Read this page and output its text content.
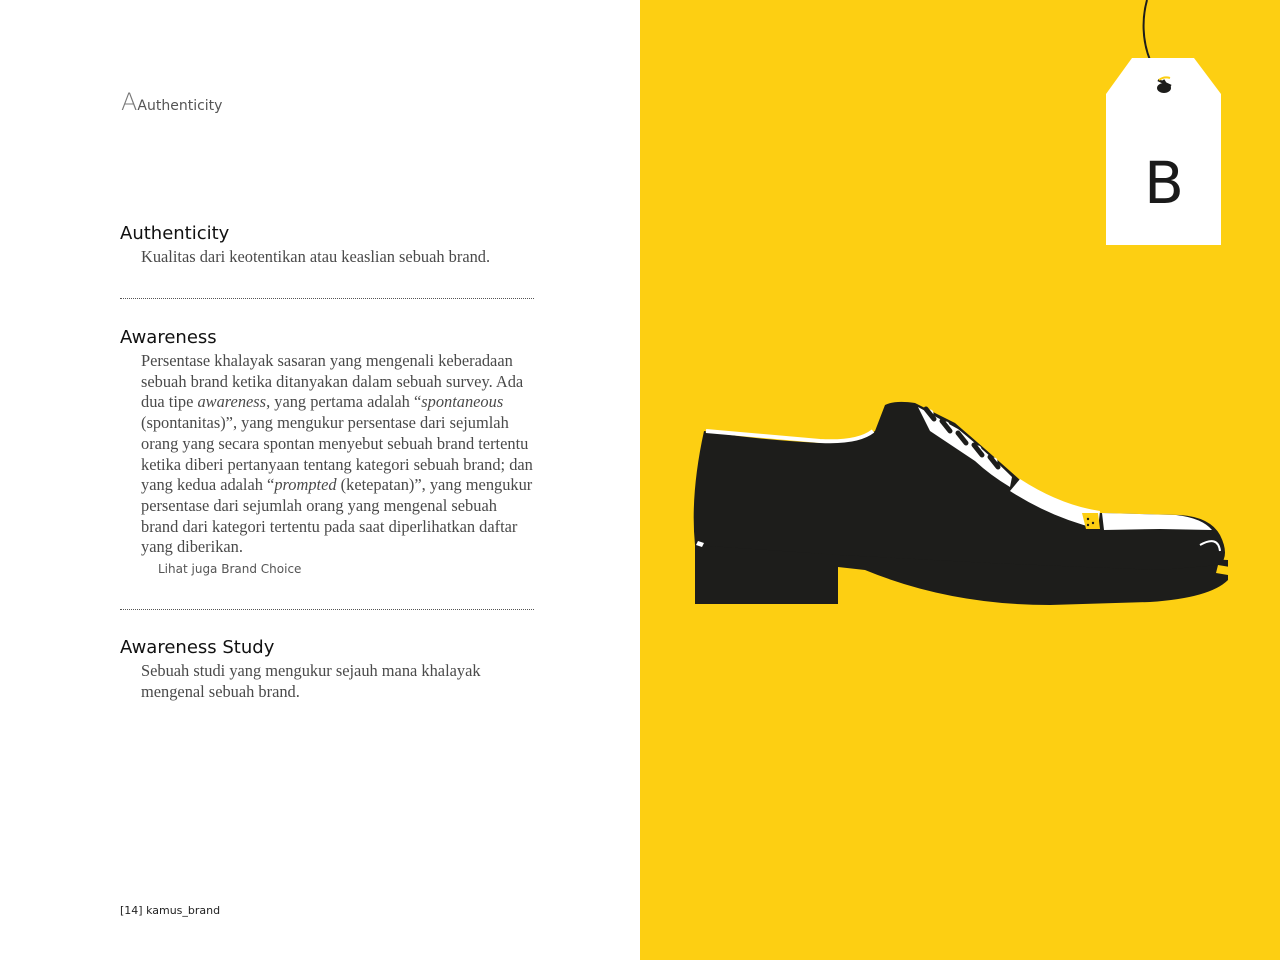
A Authenticity
Authenticity

Kualitas dari keotentikan atau keaslian sebuah brand.

Awareness

Persentase khalayak sasaran yang mengenali keberadaan sebuah brand ketika ditanyakan dalam sebuah survey. Ada dua tipe awareness, yang pertama adalah “spontaneous (spontanitas)”, yang mengukur persentase dari sejumlah orang yang secara spontan menyebut sebuah brand tertentu ketika diberi pertanyaan tentang kategori sebuah brand; dan yang kedua adalah “prompted (ketepatan)”, yang mengukur persentase dari sejumlah orang yang mengenal sebuah brand dari kategori tertentu pada saat diperlihatkan daftar yang diberikan.

Lihat juga Brand Choice
Awareness Study

Sebuah studi yang mengukur sejauh mana khalayak mengenal sebuah brand.

[14] kamus_brand
B
